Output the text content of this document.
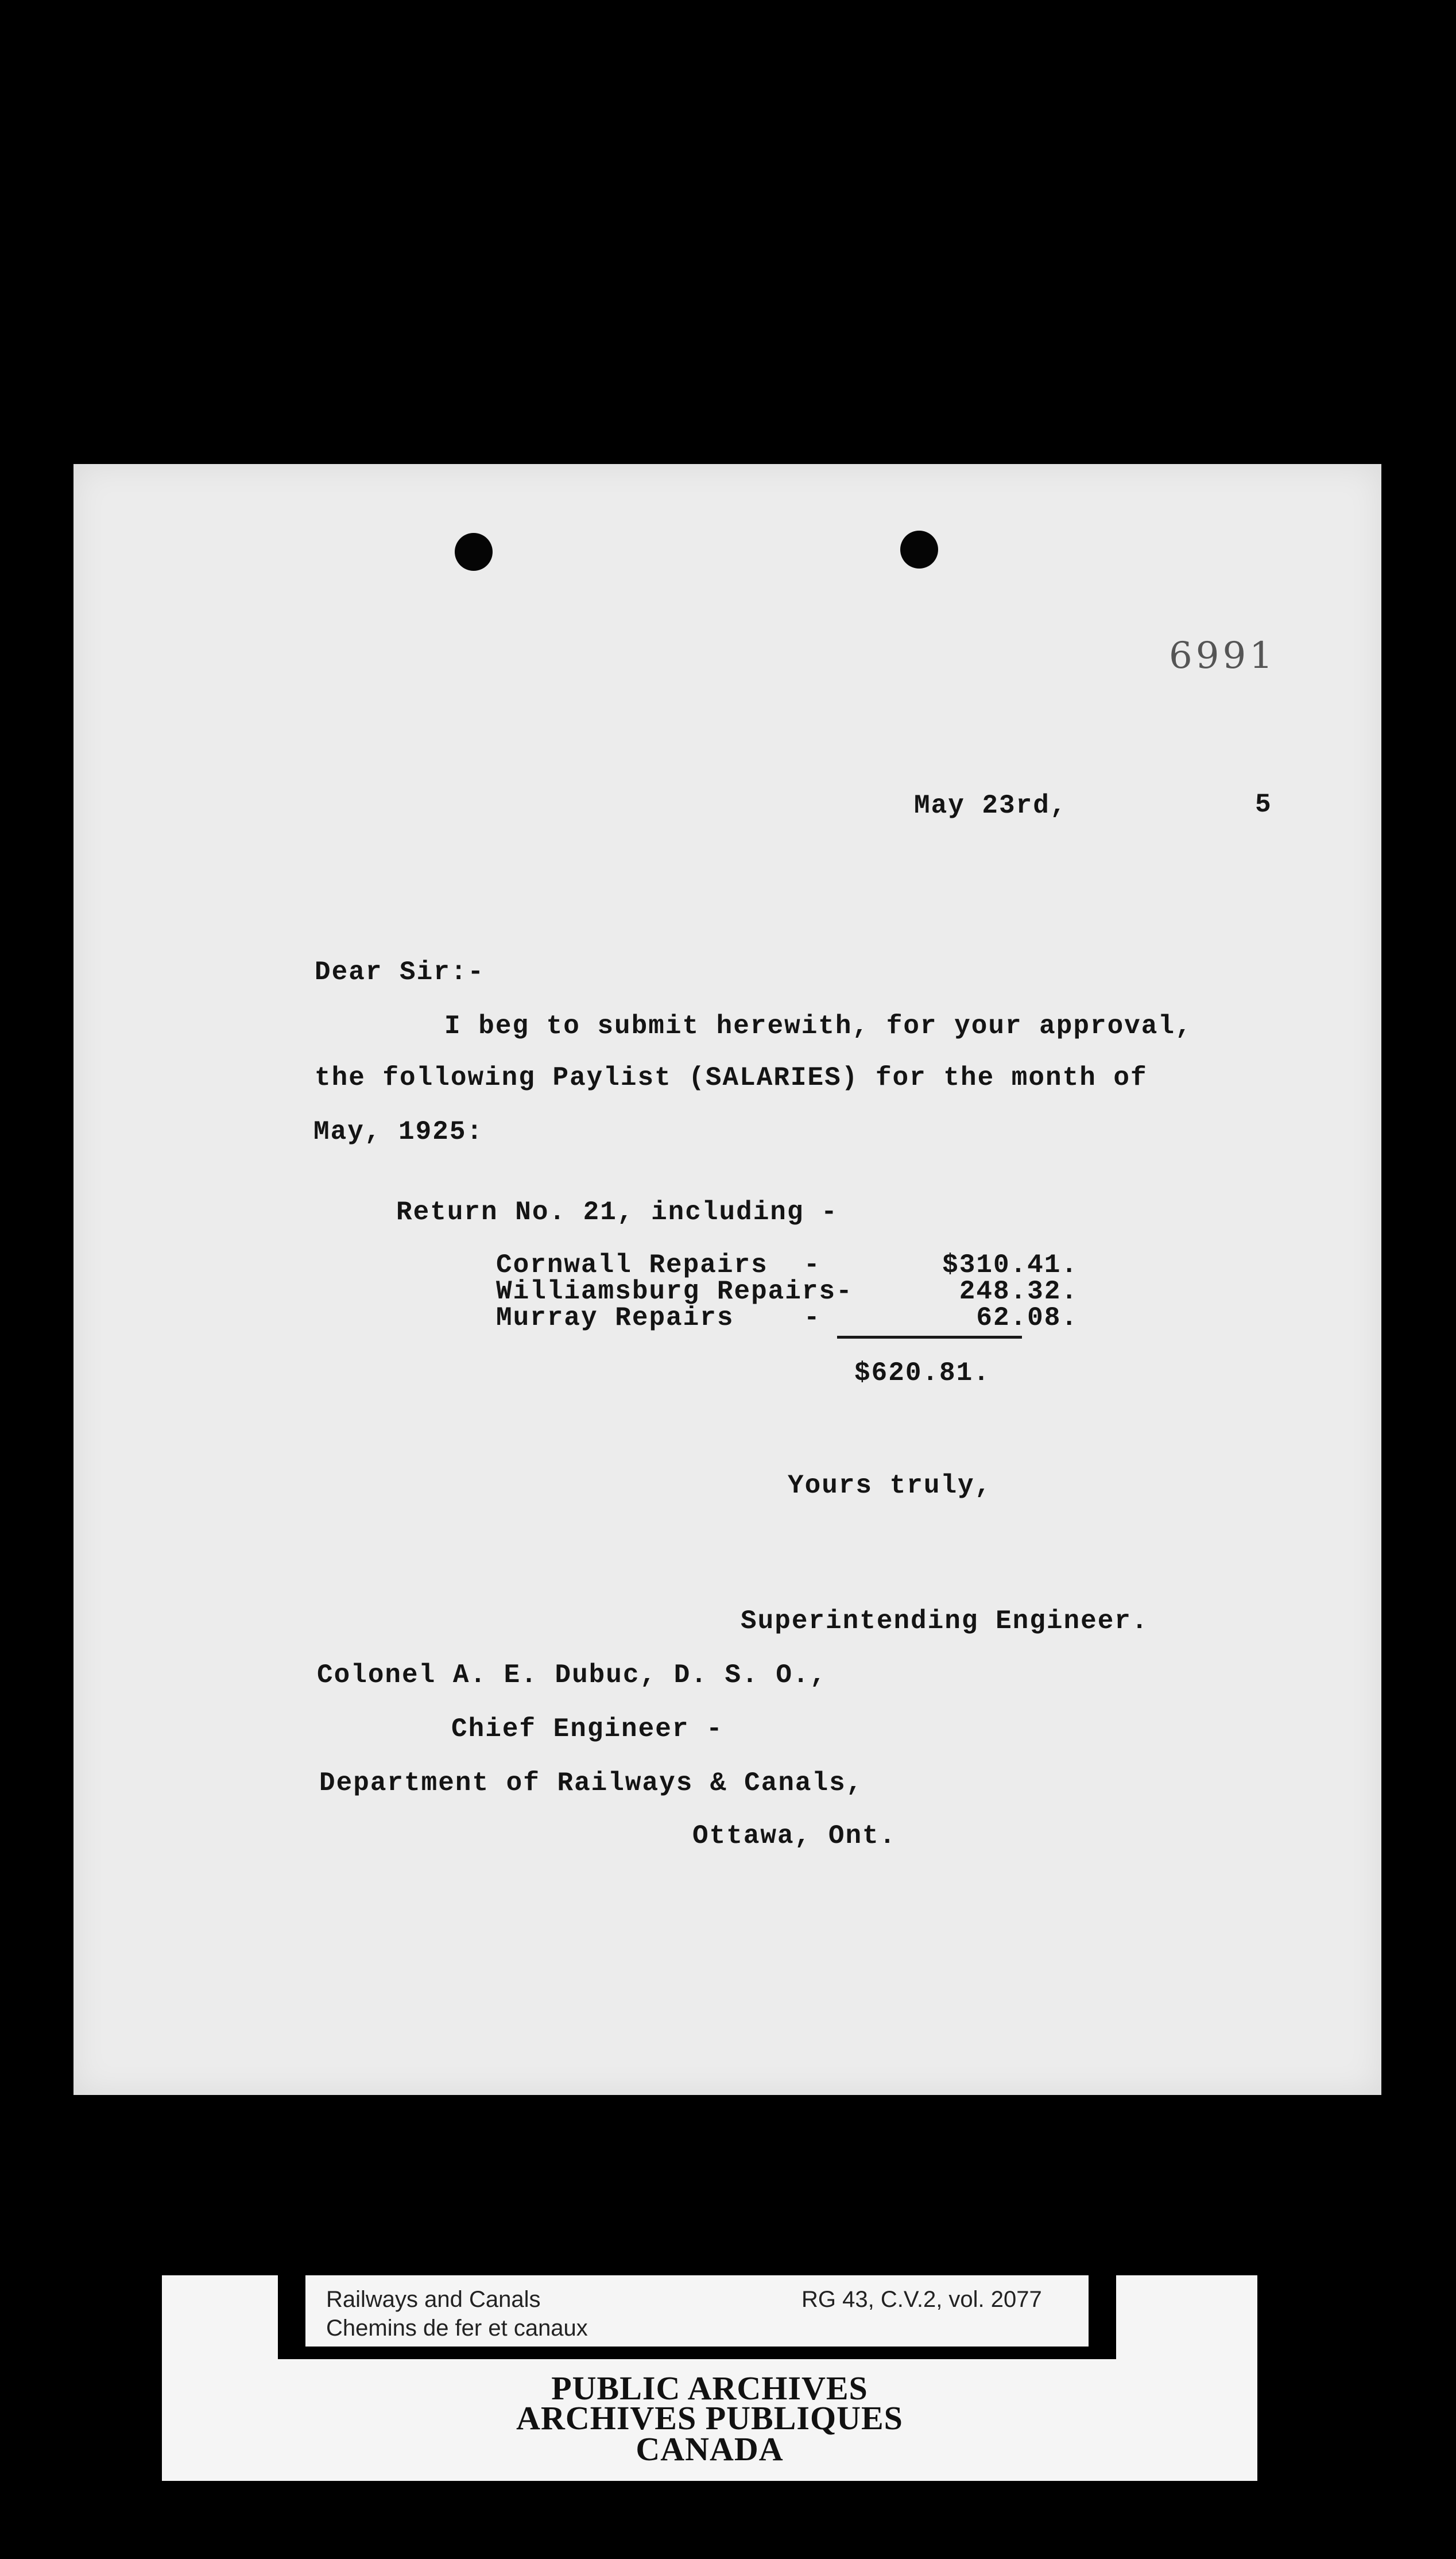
6991
May 23rd,	5
Dear Sir:-
I beg to submit herewith, for your approval,
the following Paylist (SALARIES) for the month of
May, 1925:
Return No. 21, including -
Cornwall Repairs -	$310.41.
Williamsburg Repairs-	248.32.
Murray Repairs	-	62.08.
$620.81.
Yours truly,
Superintending Engineer.
Colonel A. E. Dubuc, D. S. O.,
Chief Engineer -
Department of Railways & Canals,
Ottawa, Ont.
Railways and Canals
Chemins de fer et canaux
RG 43, C.V.2, vol. 2077
PUBLIC ARCHIVES
ARCHIVES PUBLIQUES
CANADA
